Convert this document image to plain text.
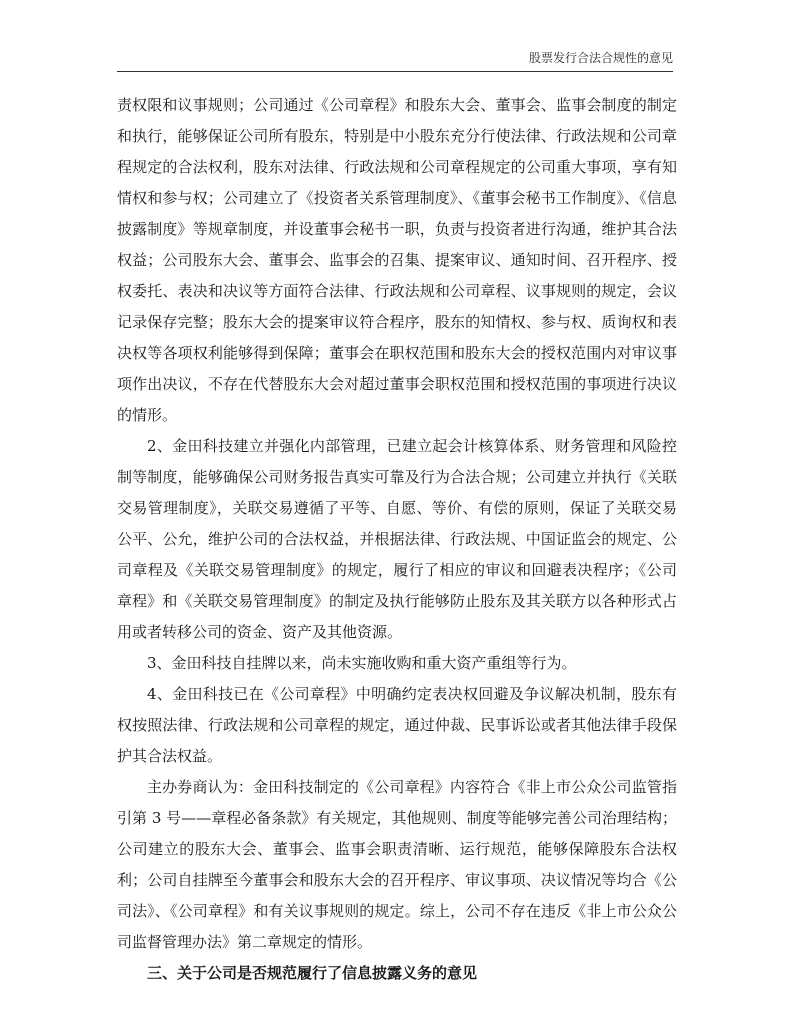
股票发行合法合规性的意见

责权限和议事规则；公司通过《公司章程》和股东大会、董事会、监事会制度的制定和执行，能够保证公司所有股东，特别是中小股东充分行使法律、行政法规和公司章程规定的合法权利，股东对法律、行政法规和公司章程规定的公司重大事项，享有知情权和参与权；公司建立了《投资者关系管理制度》、《董事会秘书工作制度》、《信息披露制度》等规章制度，并设董事会秘书一职，负责与投资者进行沟通，维护其合法权益；公司股东大会、董事会、监事会的召集、提案审议、通知时间、召开程序、授权委托、表决和决议等方面符合法律、行政法规和公司章程、议事规则的规定，会议记录保存完整；股东大会的提案审议符合程序，股东的知情权、参与权、质询权和表决权等各项权利能够得到保障；董事会在职权范围和股东大会的授权范围内对审议事项作出决议，不存在代替股东大会对超过董事会职权范围和授权范围的事项进行决议的情形。

2、金田科技建立并强化内部管理，已建立起会计核算体系、财务管理和风险控制等制度，能够确保公司财务报告真实可靠及行为合法合规；公司建立并执行《关联交易管理制度》，关联交易遵循了平等、自愿、等价、有偿的原则，保证了关联交易公平、公允，维护公司的合法权益，并根据法律、行政法规、中国证监会的规定、公司章程及《关联交易管理制度》的规定，履行了相应的审议和回避表决程序；《公司章程》和《关联交易管理制度》的制定及执行能够防止股东及其关联方以各种形式占用或者转移公司的资金、资产及其他资源。

3、金田科技自挂牌以来，尚未实施收购和重大资产重组等行为。

4、金田科技已在《公司章程》中明确约定表决权回避及争议解决机制，股东有权按照法律、行政法规和公司章程的规定，通过仲裁、民事诉讼或者其他法律手段保护其合法权益。

主办券商认为：金田科技制定的《公司章程》内容符合《非上市公众公司监管指引第 3 号——章程必备条款》有关规定，其他规则、制度等能够完善公司治理结构；公司建立的股东大会、董事会、监事会职责清晰、运行规范，能够保障股东合法权利；公司自挂牌至今董事会和股东大会的召开程序、审议事项、决议情况等均合《公司法》、《公司章程》和有关议事规则的规定。综上，公司不存在违反《非上市公众公司监督管理办法》第二章规定的情形。

三、关于公司是否规范履行了信息披露义务的意见
